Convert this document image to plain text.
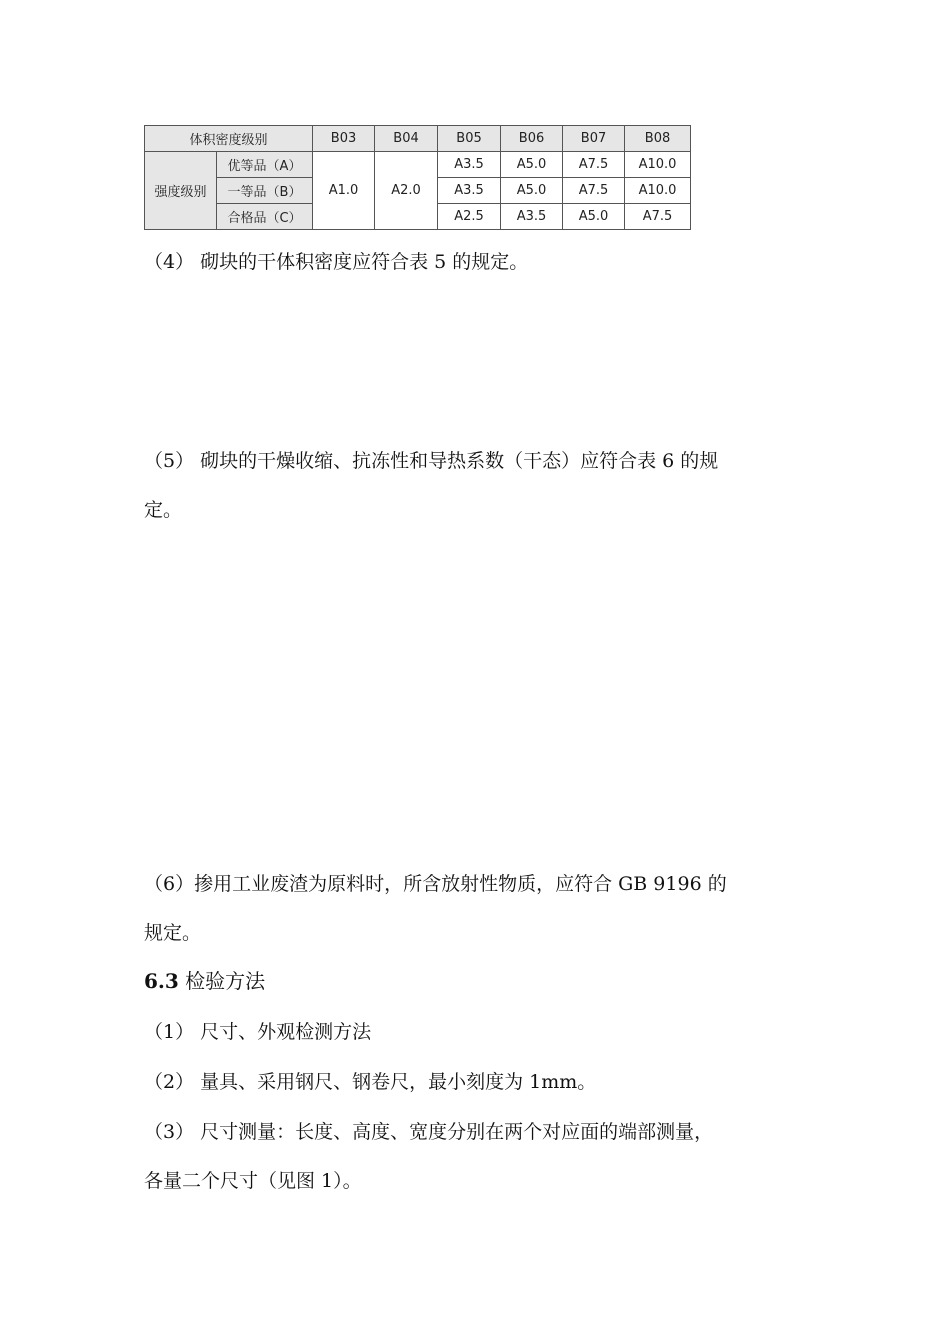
体积密度级别		B03	B04	B05	B06	B07	B08
强度级别	优等品（A）	A1.0	A2.0	A3.5	A5.0	A7.5	A10.0
	一等品（B）			A3.5	A5.0	A7.5	A10.0
	合格品（C）			A2.5	A3.5	A5.0	A7.5

（4） 砌块的干体积密度应符合表 5 的规定。

（5） 砌块的干燥收缩、抗冻性和导热系数（干态）应符合表 6 的规

定。

（6）掺用工业废渣为原料时，所含放射性物质，应符合 GB 9196 的

规定。

6.3 检验方法

（1） 尺寸、外观检测方法

（2） 量具、采用钢尺、钢卷尺，最小刻度为 1mm。

（3） 尺寸测量：长度、高度、宽度分别在两个对应面的端部测量，

各量二个尺寸（见图 1）。
